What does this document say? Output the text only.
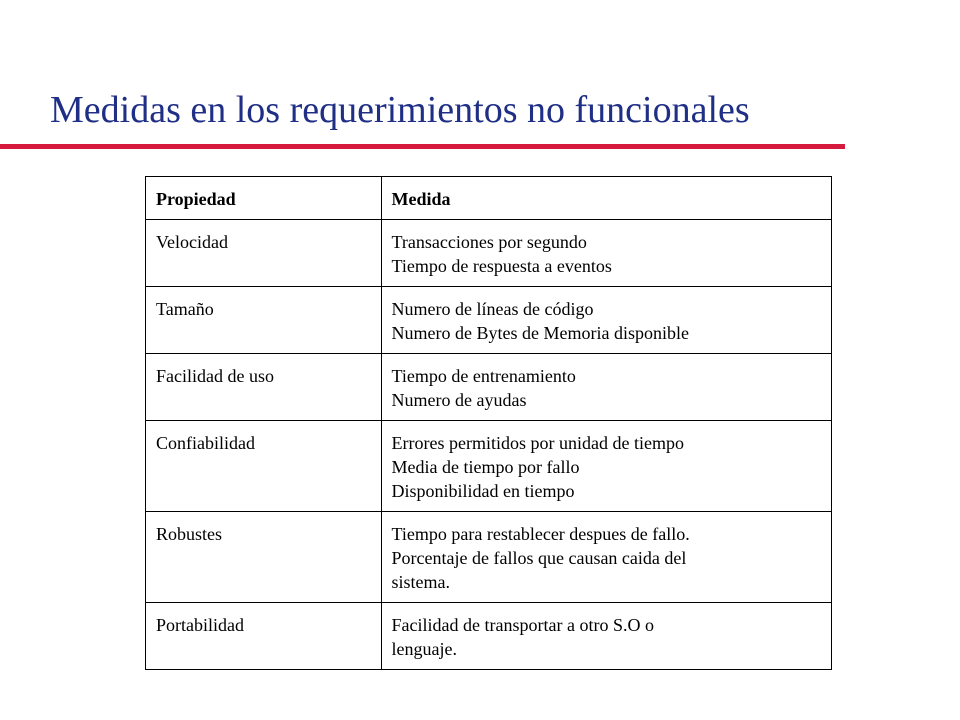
Medidas en los requerimientos no funcionales
Propiedad	Medida
Velocidad	Transacciones por segundo
Tiempo de respuesta a eventos

Tamaño	Numero de líneas de código
Numero de Bytes de Memoria disponible

Facilidad de uso	Tiempo de entrenamiento
Numero de ayudas

Confiabilidad	Errores permitidos por unidad de tiempo
Media de tiempo por fallo
Disponibilidad en tiempo

Robustes	Tiempo para restablecer despues de fallo.
Porcentaje de fallos que causan caida del
sistema.

Portabilidad	Facilidad de transportar a otro S.O o
lenguaje.
